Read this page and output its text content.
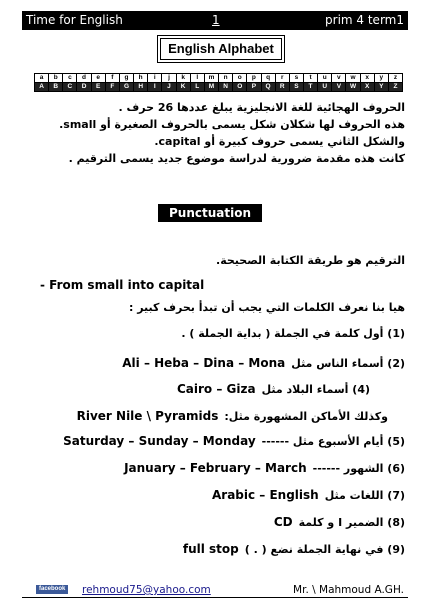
Time for English	1	prim 4 term1
English Alphabet
a	b	c	d	e	f	g	h	i	j	k	l	m	n	o	p	q	r	s	t	u	v	w	x	y	z
A	B	C	D	E	F	G	H	I	J	K	L	M	N	O	P	Q	R	S	T	U	V	W	X	Y	Z
الحروف الهجائية للغة الانجليزية يبلغ عددها 26 حرف .
هذه الحروف لها شكلان شكل يسمى بالحروف الصغيرة أو small.
والشكل الثاني يسمى حروف كبيرة أو capital.
كانت هذه مقدمة ضرورية لدراسة موضوع جديد يسمى الترقيم .
Punctuation
الترقيم هو طريقة الكتابة الصحيحة.
- From small into capital
هيا بنا نعرف الكلمات التي يجب أن تبدأ بحرف كبير :
(1) أول كلمة في الجملة ( بداية الجملة ) .
(2) أسماء الناس مثل
Ali – Heba – Dina – Mona
(4) أسماء البلاد مثل
Cairo – Giza
وكذلك الأماكن المشهورة مثل:
River Nile \ Pyramids
(5) أيام الأسبوع مثل ------
Saturday – Sunday – Monday
(6) الشهور ------
January – February – March
(7) اللغات مثل
Arabic – English
(8) الضمير I و كلمة
CD
(9) في نهاية الجملة نضع ( . )
full stop
facebook rehmoud75@yahoo.com	Mr. \ Mahmoud A.GH.
